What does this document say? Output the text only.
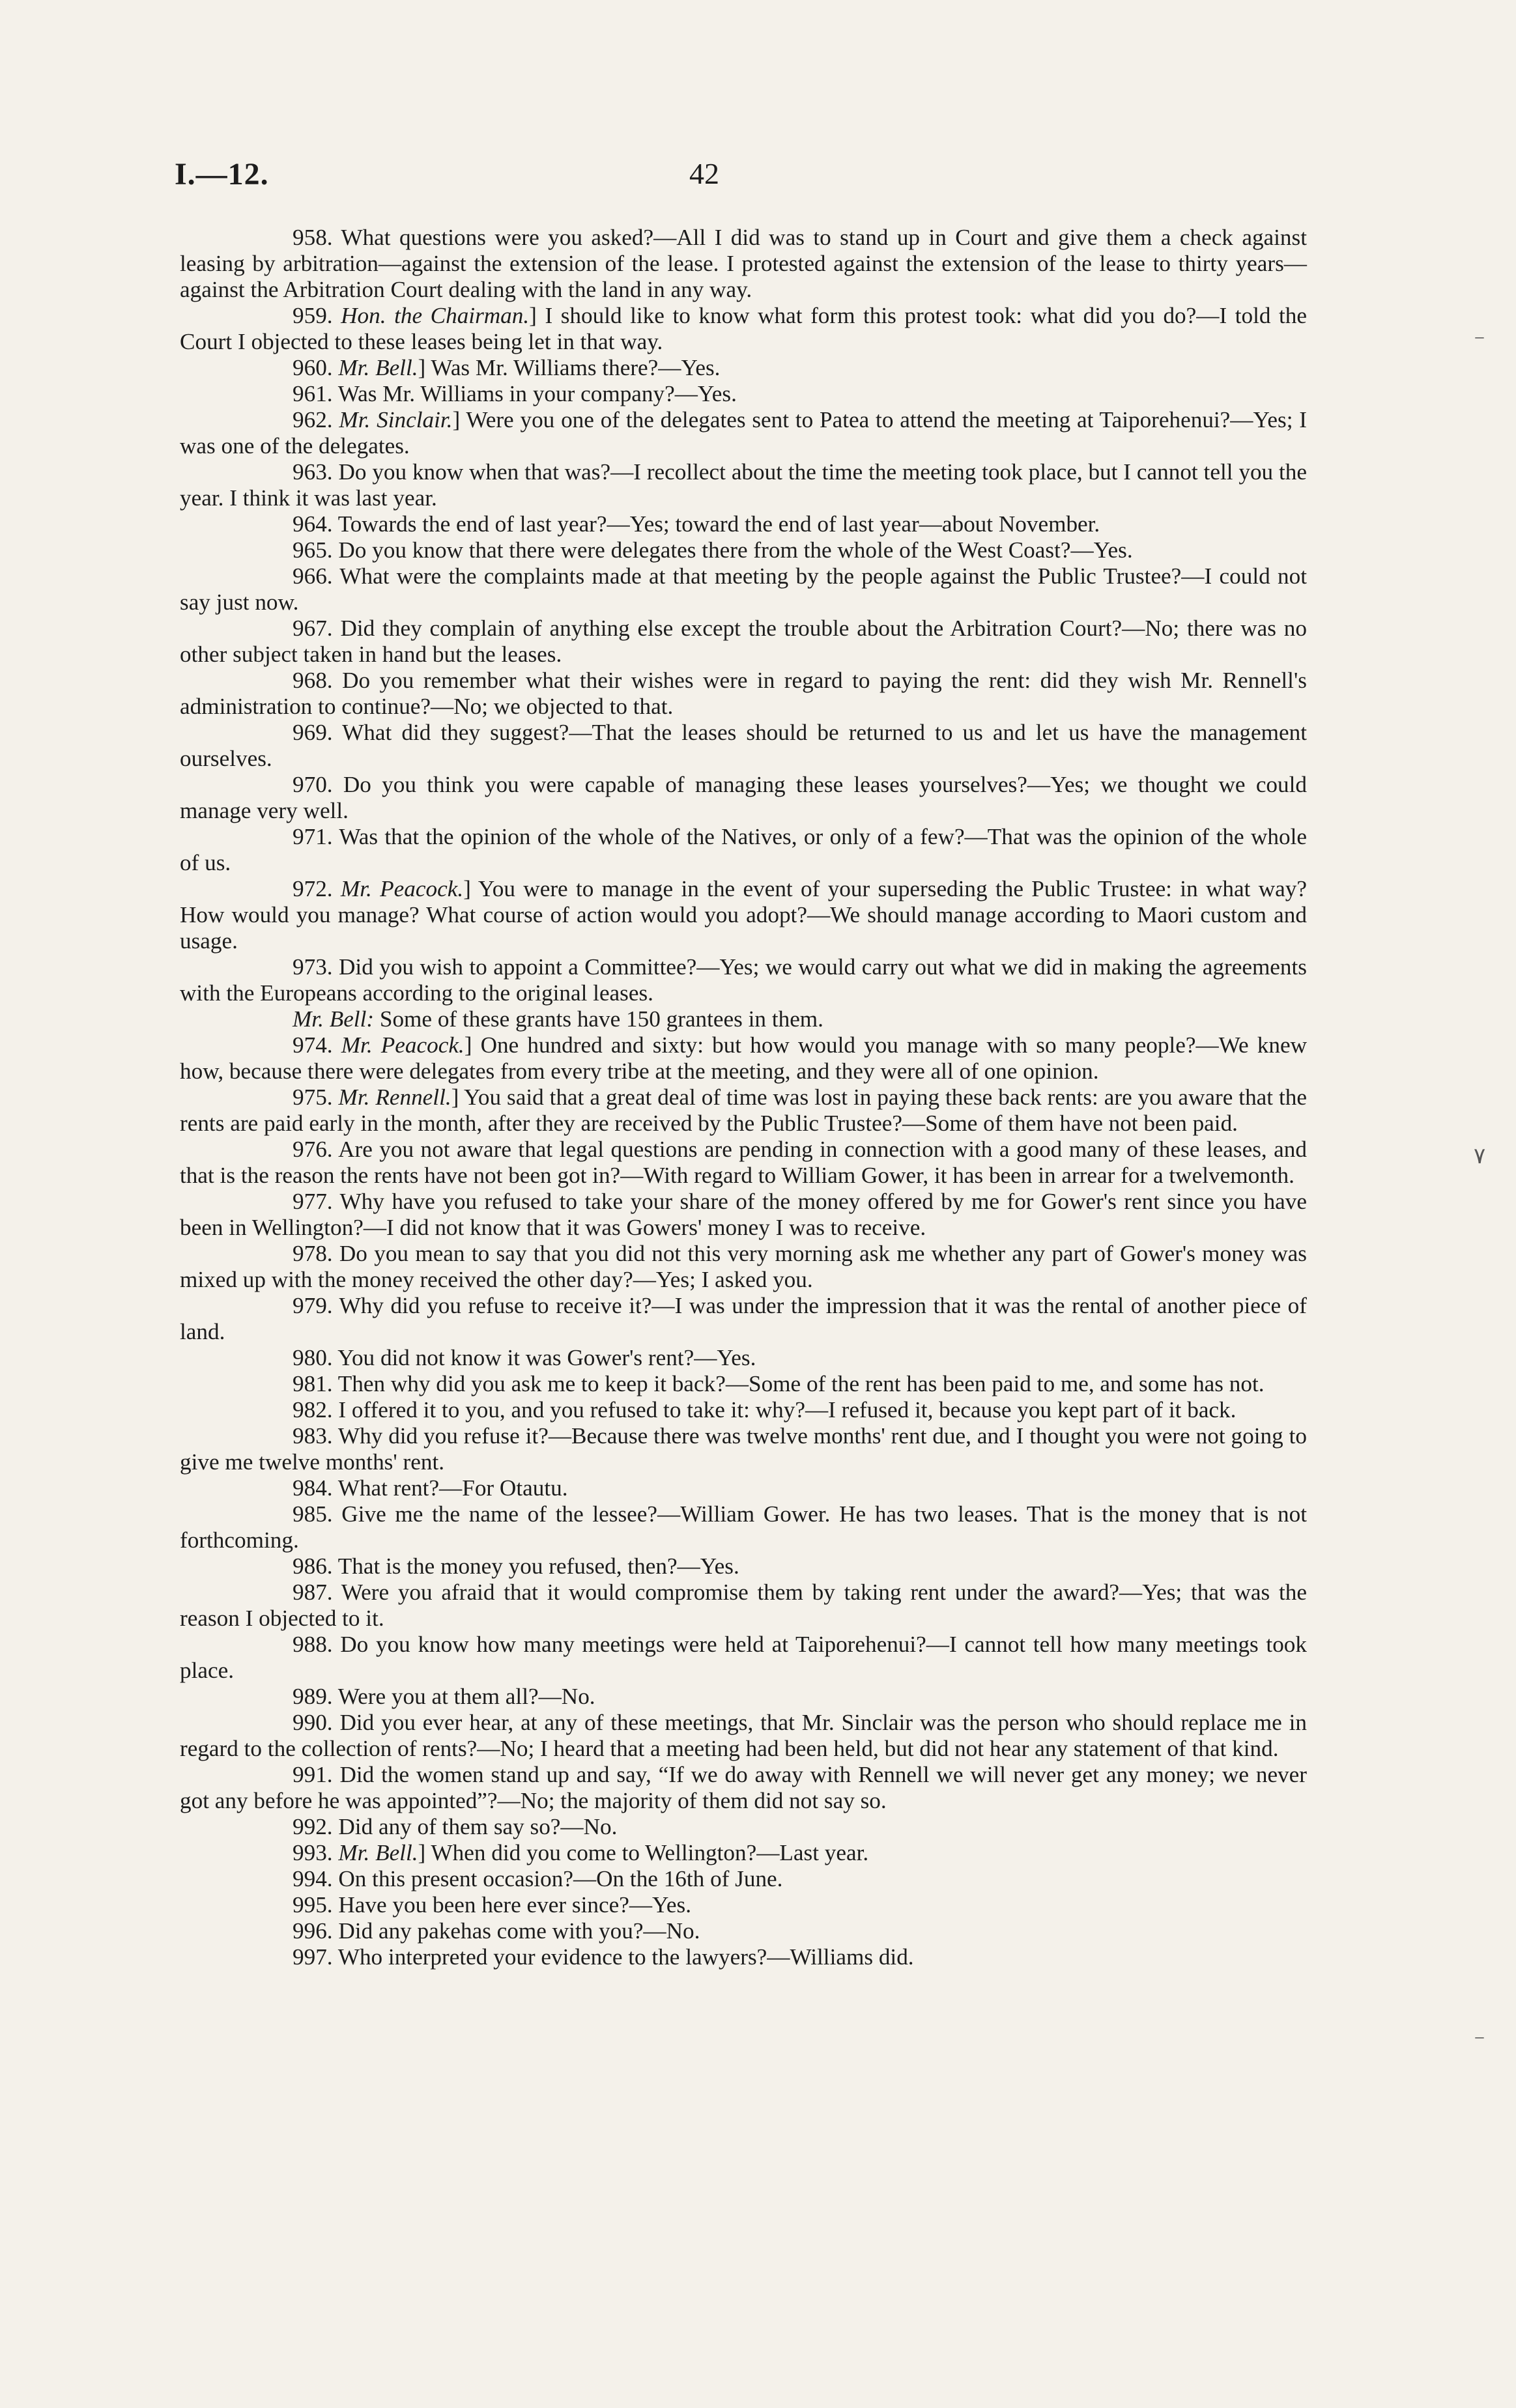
I.—12.	42

958. What questions were you asked?—All I did was to stand up in Court and give them a check against leasing by arbitration—against the extension of the lease. I protested against the extension of the lease to thirty years—against the Arbitration Court dealing with the land in any way.

959. Hon. the Chairman.] I should like to know what form this protest took: what did you do?—I told the Court I objected to these leases being let in that way.

960. Mr. Bell.] Was Mr. Williams there?—Yes.

961. Was Mr. Williams in your company?—Yes.

962. Mr. Sinclair.] Were you one of the delegates sent to Patea to attend the meeting at Taiporehenui?—Yes; I was one of the delegates.

963. Do you know when that was?—I recollect about the time the meeting took place, but I cannot tell you the year. I think it was last year.

964. Towards the end of last year?—Yes; toward the end of last year—about November.

965. Do you know that there were delegates there from the whole of the West Coast?—Yes.

966. What were the complaints made at that meeting by the people against the Public Trustee?—I could not say just now.

967. Did they complain of anything else except the trouble about the Arbitration Court?—No; there was no other subject taken in hand but the leases.

968. Do you remember what their wishes were in regard to paying the rent: did they wish Mr. Rennell's administration to continue?—No; we objected to that.

969. What did they suggest?—That the leases should be returned to us and let us have the management ourselves.

970. Do you think you were capable of managing these leases yourselves?—Yes; we thought we could manage very well.

971. Was that the opinion of the whole of the Natives, or only of a few?—That was the opinion of the whole of us.

972. Mr. Peacock.] You were to manage in the event of your superseding the Public Trustee: in what way? How would you manage? What course of action would you adopt?—We should manage according to Maori custom and usage.

973. Did you wish to appoint a Committee?—Yes; we would carry out what we did in making the agreements with the Europeans according to the original leases.

Mr. Bell: Some of these grants have 150 grantees in them.

974. Mr. Peacock.] One hundred and sixty: but how would you manage with so many people?—We knew how, because there were delegates from every tribe at the meeting, and they were all of one opinion.

975. Mr. Rennell.] You said that a great deal of time was lost in paying these back rents: are you aware that the rents are paid early in the month, after they are received by the Public Trustee?—Some of them have not been paid.

976. Are you not aware that legal questions are pending in connection with a good many of these leases, and that is the reason the rents have not been got in?—With regard to William Gower, it has been in arrear for a twelvemonth.

977. Why have you refused to take your share of the money offered by me for Gower's rent since you have been in Wellington?—I did not know that it was Gowers' money I was to receive.

978. Do you mean to say that you did not this very morning ask me whether any part of Gower's money was mixed up with the money received the other day?—Yes; I asked you.

979. Why did you refuse to receive it?—I was under the impression that it was the rental of another piece of land.

980. You did not know it was Gower's rent?—Yes.

981. Then why did you ask me to keep it back?—Some of the rent has been paid to me, and some has not.

982. I offered it to you, and you refused to take it: why?—I refused it, because you kept part of it back.

983. Why did you refuse it?—Because there was twelve months' rent due, and I thought you were not going to give me twelve months' rent.

984. What rent?—For Otautu.

985. Give me the name of the lessee?—William Gower. He has two leases. That is the money that is not forthcoming.

986. That is the money you refused, then?—Yes.

987. Were you afraid that it would compromise them by taking rent under the award?—Yes; that was the reason I objected to it.

988. Do you know how many meetings were held at Taiporehenui?—I cannot tell how many meetings took place.

989. Were you at them all?—No.

990. Did you ever hear, at any of these meetings, that Mr. Sinclair was the person who should replace me in regard to the collection of rents?—No; I heard that a meeting had been held, but did not hear any statement of that kind.

991. Did the women stand up and say, “If we do away with Rennell we will never get any money; we never got any before he was appointed”?—No; the majority of them did not say so.

992. Did any of them say so?—No.

993. Mr. Bell.] When did you come to Wellington?—Last year.

994. On this present occasion?—On the 16th of June.

995. Have you been here ever since?—Yes.

996. Did any pakehas come with you?—No.

997. Who interpreted your evidence to the lawyers?—Williams did.

⁻
٧
⁻
